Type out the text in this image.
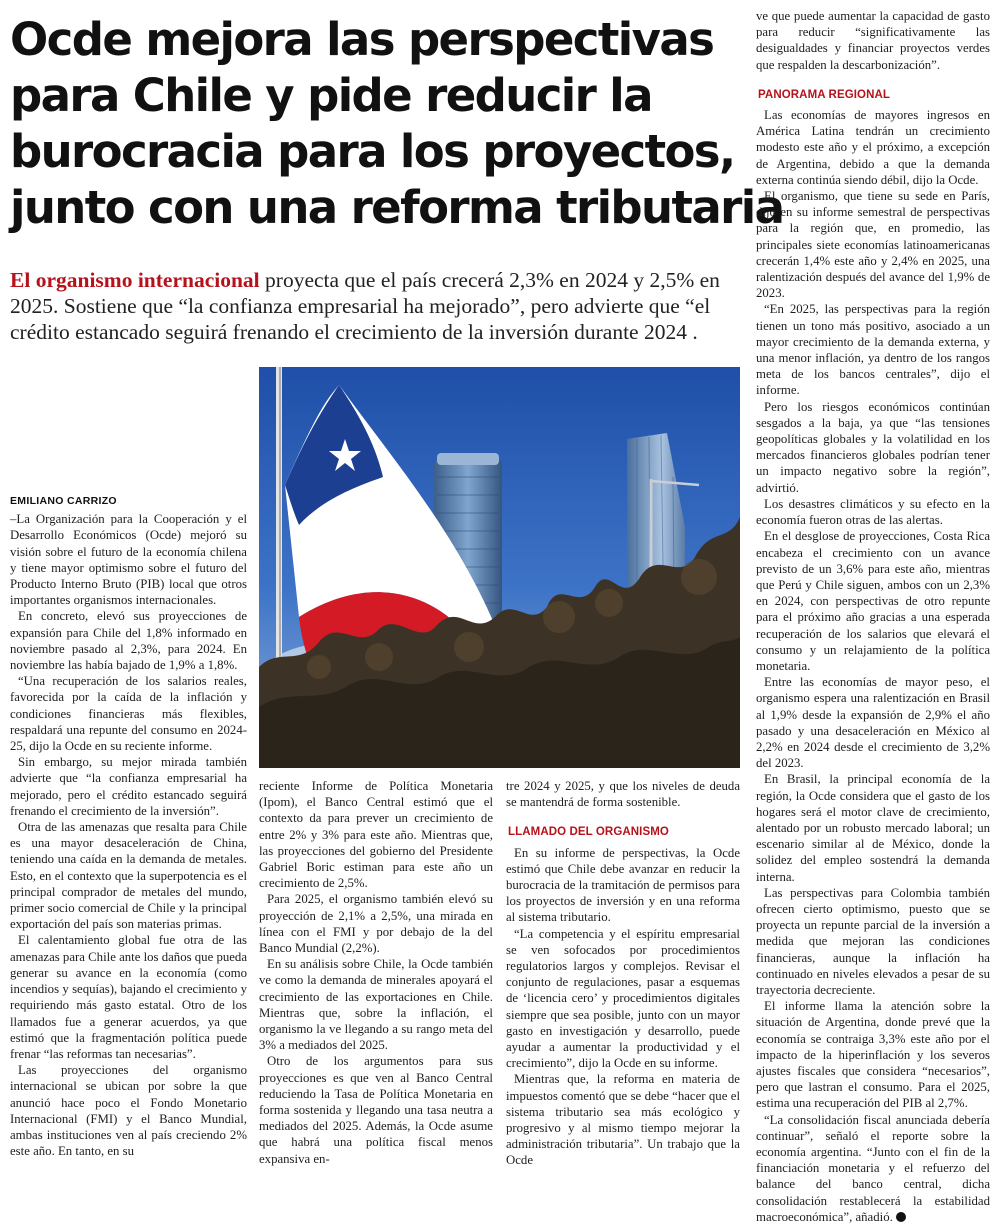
Ocde mejora las perspectivas
para Chile y pide reducir la
burocracia para los proyectos,
junto con una reforma tributaria

El organismo internacional proyecta que el país crecerá 2,3% en 2024 y 2,5% en 2025. Sostiene que “la confianza empresarial ha mejorado”, pero advierte que “el crédito estancado seguirá frenando el crecimiento de la inversión durante 2024 .

EMILIANO CARRIZO

–La Organización para la Cooperación y el Desarrollo Económicos (Ocde) mejoró su visión sobre el futuro de la economía chilena y tiene mayor optimismo sobre el futuro del Producto Interno Bruto (PIB) local que otros importantes organismos internacionales.

En concreto, elevó sus proyecciones de expansión para Chile del 1,8% informado en noviembre pasado al 2,3%, para 2024. En noviembre las había bajado de 1,9% a 1,8%.

“Una recuperación de los salarios reales, favorecida por la caída de la inflación y condiciones financieras más flexibles, respaldará una repunte del consumo en 2024-25, dijo la Ocde en su reciente informe.

Sin embargo, su mejor mirada también advierte que “la confianza empresarial ha mejorado, pero el crédito estancado seguirá frenando el crecimiento de la inversión”.

Otra de las amenazas que resalta para Chile es una mayor desaceleración de China, teniendo una caída en la demanda de metales. Esto, en el contexto que la superpotencia es el principal comprador de metales del mundo, primer socio comercial de Chile y la principal exportación del país son materias primas.

El calentamiento global fue otra de las amenazas para Chile ante los daños que pueda generar su avance en la economía (como incendios y sequías), bajando el crecimiento y requiriendo más gasto estatal. Otro de los llamados fue a generar acuerdos, ya que estimó que la fragmentación política puede frenar “las reformas tan necesarias”.

Las proyecciones del organismo internacional se ubican por sobre la que anunció hace poco el Fondo Monetario Internacional (FMI) y el Banco Mundial, ambas instituciones ven al país creciendo 2% este año. En tanto, en su

reciente Informe de Política Monetaria (Ipom), el Banco Central estimó que el contexto da para prever un crecimiento de entre 2% y 3% para este año. Mientras que, las proyecciones del gobierno del Presidente Gabriel Boric estiman para este año un crecimiento de 2,5%.

Para 2025, el organismo también elevó su proyección de 2,1% a 2,5%, una mirada en línea con el FMI y por debajo de la del Banco Mundial (2,2%).

En su análisis sobre Chile, la Ocde también ve como la demanda de minerales apoyará el crecimiento de las exportaciones en Chile. Mientras que, sobre la inflación, el organismo la ve llegando a su rango meta del 3% a mediados del 2025.

Otro de los argumentos para sus proyecciones es que ven al Banco Central reduciendo la Tasa de Política Monetaria en forma sostenida y llegando una tasa neutra a mediados del 2025. Además, la Ocde asume que habrá una política fiscal menos expansiva en-

tre 2024 y 2025, y que los niveles de deuda se mantendrá de forma sostenible.

LLAMADO DEL ORGANISMO

En su informe de perspectivas, la Ocde estimó que Chile debe avanzar en reducir la burocracia de la tramitación de permisos para los proyectos de inversión y en una reforma al sistema tributario.

“La competencia y el espíritu empresarial se ven sofocados por procedimientos regulatorios largos y complejos. Revisar el conjunto de regulaciones, pasar a esquemas de ‘licencia cero’ y procedimientos digitales siempre que sea posible, junto con un mayor gasto en investigación y desarrollo, puede ayudar a aumentar la productividad y el crecimiento”, dijo la Ocde en su informe.

Mientras que, la reforma en materia de impuestos comentó que se debe “hacer que el sistema tributario sea más ecológico y progresivo y al mismo tiempo mejorar la administración tributaria”. Un trabajo que la Ocde

ve que puede aumentar la capacidad de gasto para reducir “significativamente las desigualdades y financiar proyectos verdes que respalden la descarbonización”.

PANORAMA REGIONAL

Las economías de mayores ingresos en América Latina tendrán un crecimiento modesto este año y el próximo, a excepción de Argentina, debido a que la demanda externa continúa siendo débil, dijo la Ocde.

El organismo, que tiene su sede en París, dijo en su informe semestral de perspectivas para la región que, en promedio, las principales siete economías latinoamericanas crecerán 1,4% este año y 2,4% en 2025, una ralentización después del avance del 1,9% de 2023.

“En 2025, las perspectivas para la región tienen un tono más positivo, asociado a un mayor crecimiento de la demanda externa, y una menor inflación, ya dentro de los rangos meta de los bancos centrales”, dijo el informe.

Pero los riesgos económicos continúan sesgados a la baja, ya que “las tensiones geopolíticas globales y la volatilidad en los mercados financieros globales podrían tener un impacto negativo sobre la región”, advirtió.

Los desastres climáticos y su efecto en la economía fueron otras de las alertas.

En el desglose de proyecciones, Costa Rica encabeza el crecimiento con un avance previsto de un 3,6% para este año, mientras que Perú y Chile siguen, ambos con un 2,3% en 2024, con perspectivas de otro repunte para el próximo año gracias a una esperada recuperación de los salarios que elevará el consumo y un relajamiento de la política monetaria.

Entre las economías de mayor peso, el organismo espera una ralentización en Brasil al 1,9% desde la expansión de 2,9% el año pasado y una desaceleración en México al 2,2% en 2024 desde el crecimiento de 3,2% del 2023.

En Brasil, la principal economía de la región, la Ocde considera que el gasto de los hogares será el motor clave de crecimiento, alentado por un robusto mercado laboral; un escenario similar al de México, donde la solidez del empleo sostendrá la demanda interna.

Las perspectivas para Colombia también ofrecen cierto optimismo, puesto que se proyecta un repunte parcial de la inversión a medida que mejoran las condiciones financieras, aunque la inflación ha continuado en niveles elevados a pesar de su trayectoria decreciente.

El informe llama la atención sobre la situación de Argentina, donde prevé que la economía se contraiga 3,3% este año por el impacto de la hiperinflación y los severos ajustes fiscales que considera “necesarios”, pero que lastran el consumo. Para el 2025, estima una recuperación del PIB al 2,7%.

“La consolidación fiscal anunciada debería continuar”, señaló el reporte sobre la economía argentina. “Junto con el fin de la financiación monetaria y el refuerzo del balance del banco central, dicha consolidación restablecerá la estabilidad macroeconómica”, añadió.
